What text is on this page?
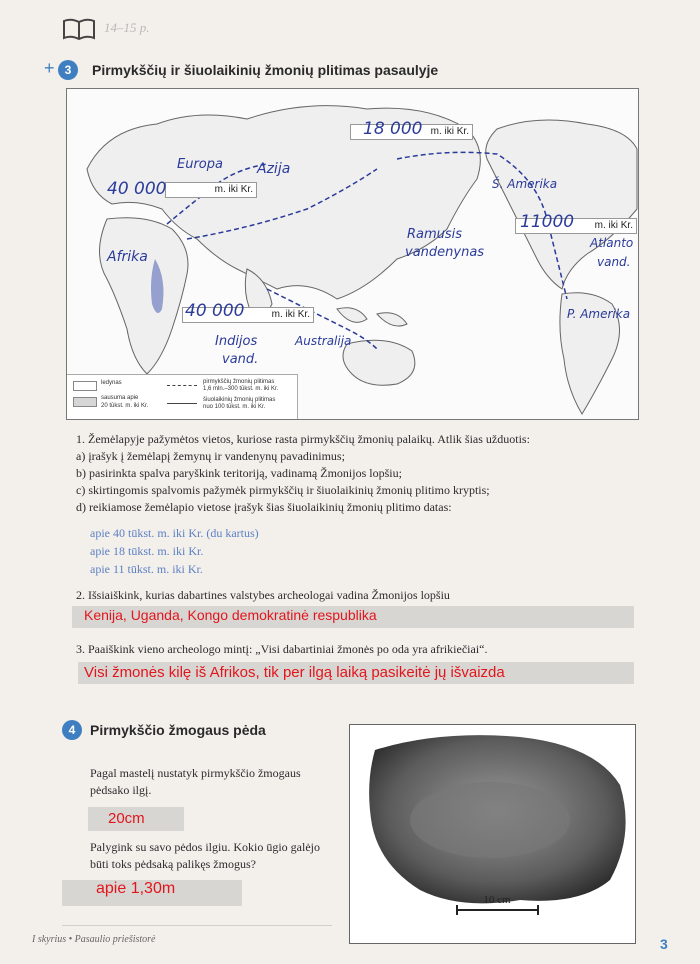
14–15 p.
+ 3	Pirmykščių ir šiuolaikinių žmonių plitimas pasaulyje
m. iki Kr.
m. iki Kr.
m. iki Kr.
m. iki Kr.
18 000
40 000
11000
40 000
Europa Azija
Afrika
Š. Amerika
Ramusis
vandenynas
Atlanto
vand.
P. Amerika
Indijos
vand.
Australija
ledynas
sausuma apie
20 tūkst. m. iki Kr.
pirmykščių žmonių plitimas
1,6 mln.–300 tūkst. m. iki Kr.
šiuolaikinių žmonių plitimas
nuo 100 tūkst. m. iki Kr.
1. Žemėlapyje pažymėtos vietos, kuriose rasta pirmykščių žmonių palaikų. Atlik šias užduotis:
a) įrašyk į žemėlapį žemynų ir vandenynų pavadinimus;
b) pasirinkta spalva paryškink teritoriją, vadinamą Žmonijos lopšiu;
c) skirtingomis spalvomis pažymėk pirmykščių ir šiuolaikinių žmonių plitimo kryptis;
d) reikiamose žemėlapio vietose įrašyk šias šiuolaikinių žmonių plitimo datas:
apie 40 tūkst. m. iki Kr. (du kartus)
apie 18 tūkst. m. iki Kr.
apie 11 tūkst. m. iki Kr.
2. Išsiaiškink, kurias dabartines valstybes archeologai vadina Žmonijos lopšiu
Kenija, Uganda, Kongo demokratinė respublika
3. Paaiškink vieno archeologo mintį: „Visi dabartiniai žmonės po oda yra afrikiečiai“.
Visi žmonės kilę iš Afrikos, tik per ilgą laiką pasikeitė jų išvaizda
4	Pirmykščio žmogaus pėda
Pagal mastelį nustatyk pirmykščio žmogaus pėdsako ilgį.
20cm
Palygink su savo pėdos ilgiu. Kokio ūgio galėjo būti toks pėdsaką palikęs žmogus?
apie 1,30m
10 cm
I skyrius • Pasaulio priešistorė	3
